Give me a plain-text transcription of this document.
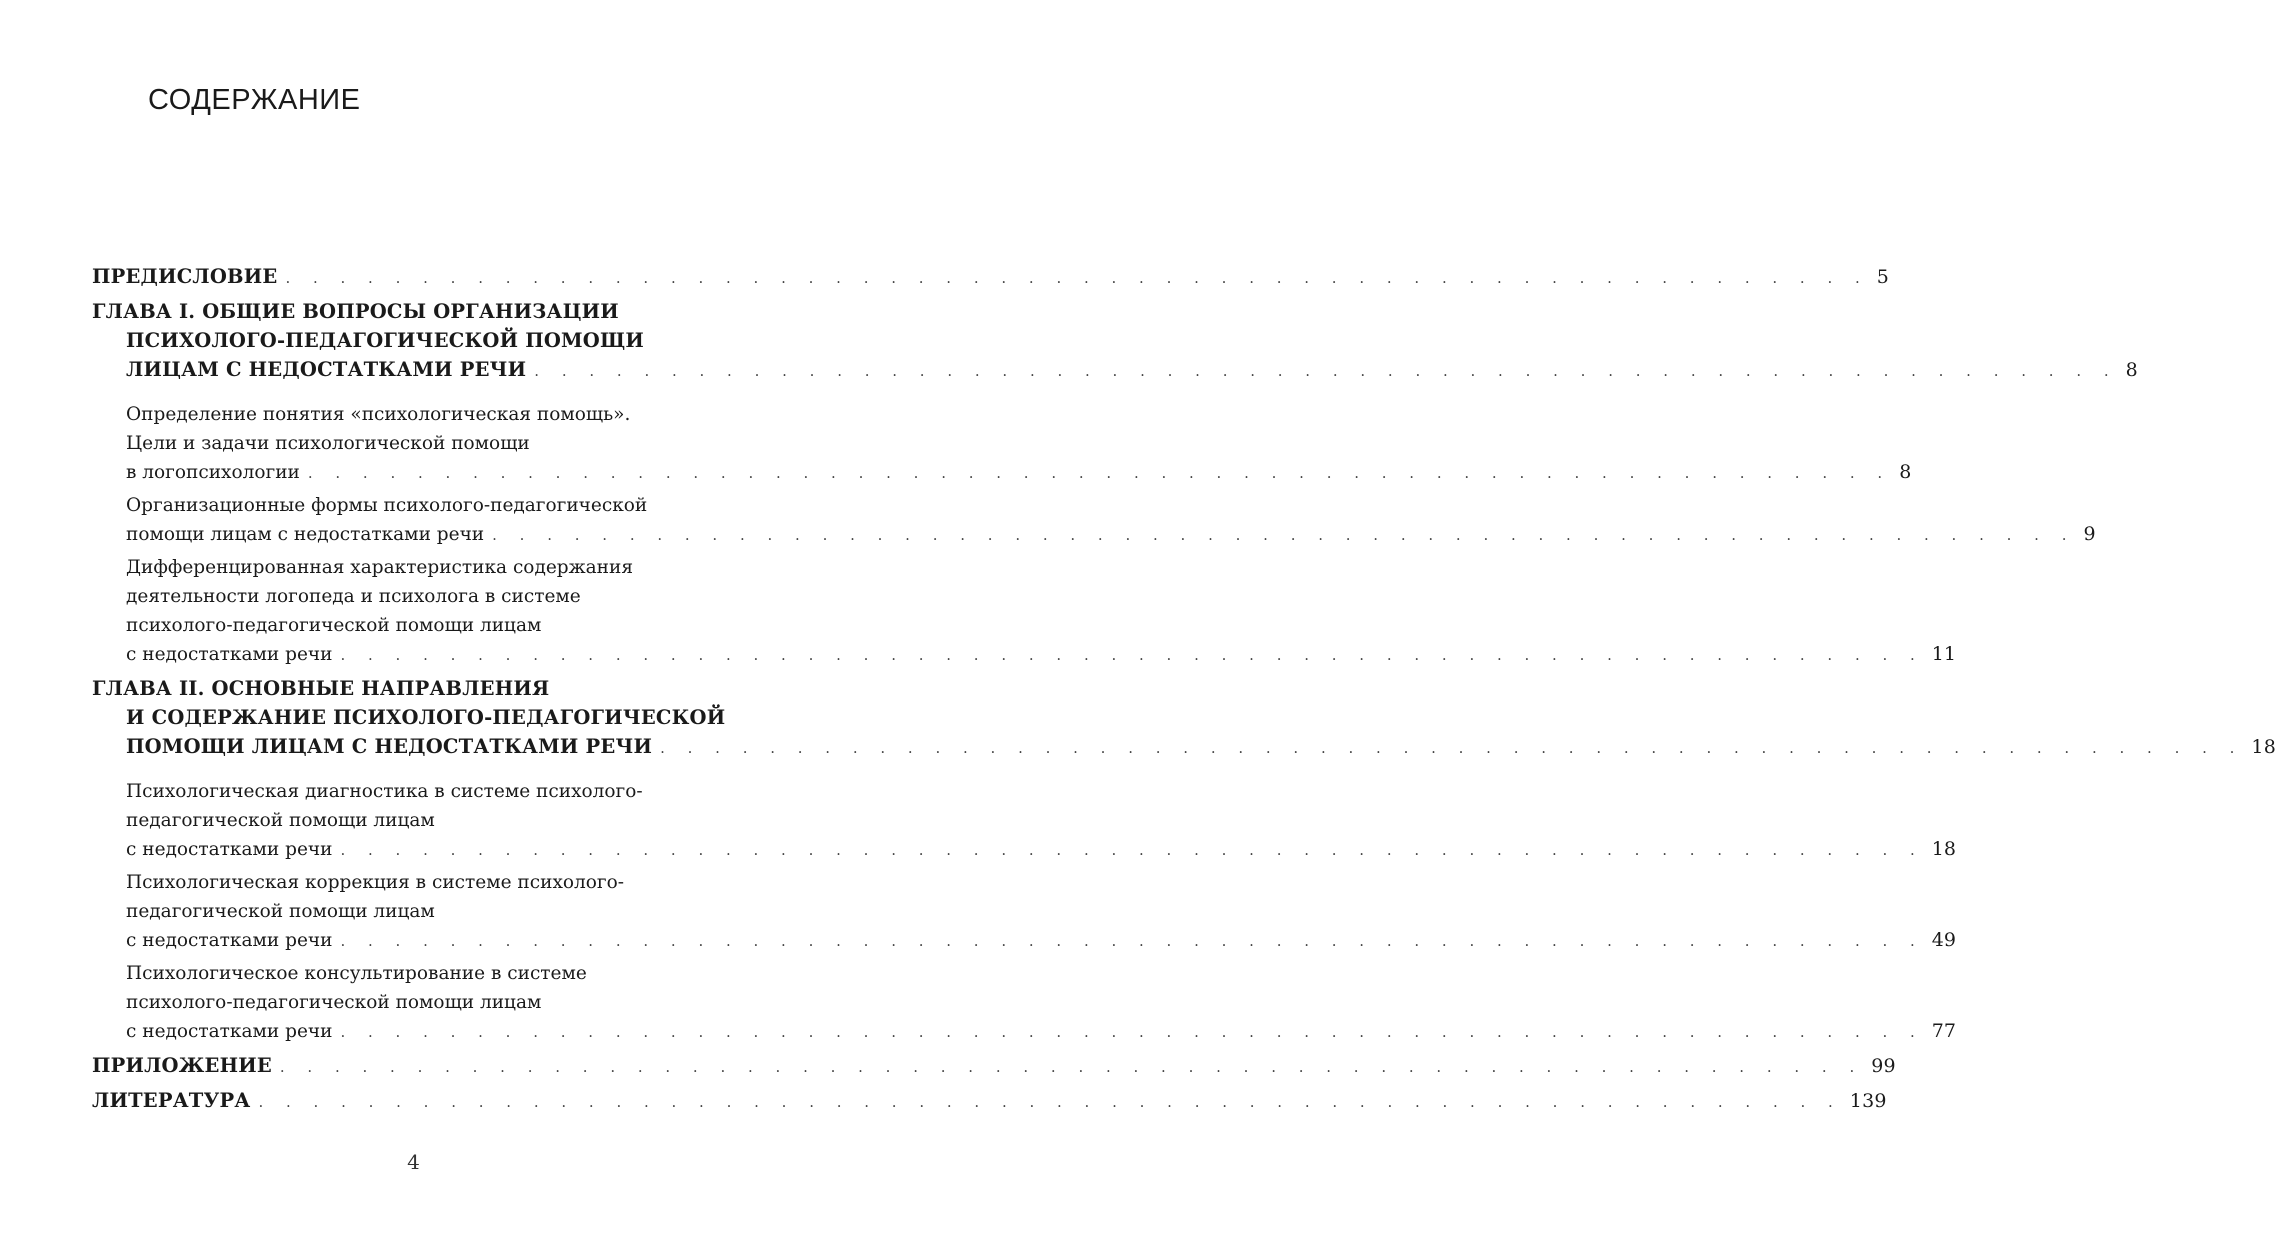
СОДЕРЖАНИЕ
ПРЕДИСЛОВИЕ . . . . . . . . . . . . . . . . . . . . . . . . . . . . . . . . . . . . . . . . . . . . . . . . . . . . . . . . . . 5
ГЛАВА I. ОБЩИЕ ВОПРОСЫ ОРГАНИЗАЦИИ
ПСИХОЛОГО-ПЕДАГОГИЧЕСКОЙ ПОМОЩИ
ЛИЦАМ С НЕДОСТАТКАМИ РЕЧИ . . . . . . . . . . . . . . . . . . . . . . . . . . . . . . . . . . . . . . . . . . . . . . . . . . . . . . . . . . 8
Определение понятия «психологическая помощь».
Цели и задачи психологической помощи
в логопсихологии . . . . . . . . . . . . . . . . . . . . . . . . . . . . . . . . . . . . . . . . . . . . . . . . . . . . . . . . . . 8
Организационные формы психолого-педагогической
помощи лицам с недостатками речи . . . . . . . . . . . . . . . . . . . . . . . . . . . . . . . . . . . . . . . . . . . . . . . . . . . . . . . . . . 9
Дифференцированная характеристика содержания
деятельности логопеда и психолога в системе
психолого-педагогической помощи лицам
с недостатками речи . . . . . . . . . . . . . . . . . . . . . . . . . . . . . . . . . . . . . . . . . . . . . . . . . . . . . . . . . . 11
ГЛАВА II. ОСНОВНЫЕ НАПРАВЛЕНИЯ
И СОДЕРЖАНИЕ ПСИХОЛОГО-ПЕДАГОГИЧЕСКОЙ
ПОМОЩИ ЛИЦАМ С НЕДОСТАТКАМИ РЕЧИ . . . . . . . . . . . . . . . . . . . . . . . . . . . . . . . . . . . . . . . . . . . . . . . . . . . . . . . . . . 18
Психологическая диагностика в системе психолого-
педагогической помощи лицам
с недостатками речи . . . . . . . . . . . . . . . . . . . . . . . . . . . . . . . . . . . . . . . . . . . . . . . . . . . . . . . . . . 18
Психологическая коррекция в системе психолого-
педагогической помощи лицам
с недостатками речи . . . . . . . . . . . . . . . . . . . . . . . . . . . . . . . . . . . . . . . . . . . . . . . . . . . . . . . . . . 49
Психологическое консультирование в системе
психолого-педагогической помощи лицам
с недостатками речи . . . . . . . . . . . . . . . . . . . . . . . . . . . . . . . . . . . . . . . . . . . . . . . . . . . . . . . . . . 77
ПРИЛОЖЕНИЕ . . . . . . . . . . . . . . . . . . . . . . . . . . . . . . . . . . . . . . . . . . . . . . . . . . . . . . . . . . 99
ЛИТЕРАТУРА . . . . . . . . . . . . . . . . . . . . . . . . . . . . . . . . . . . . . . . . . . . . . . . . . . . . . . . . . . 139
4
